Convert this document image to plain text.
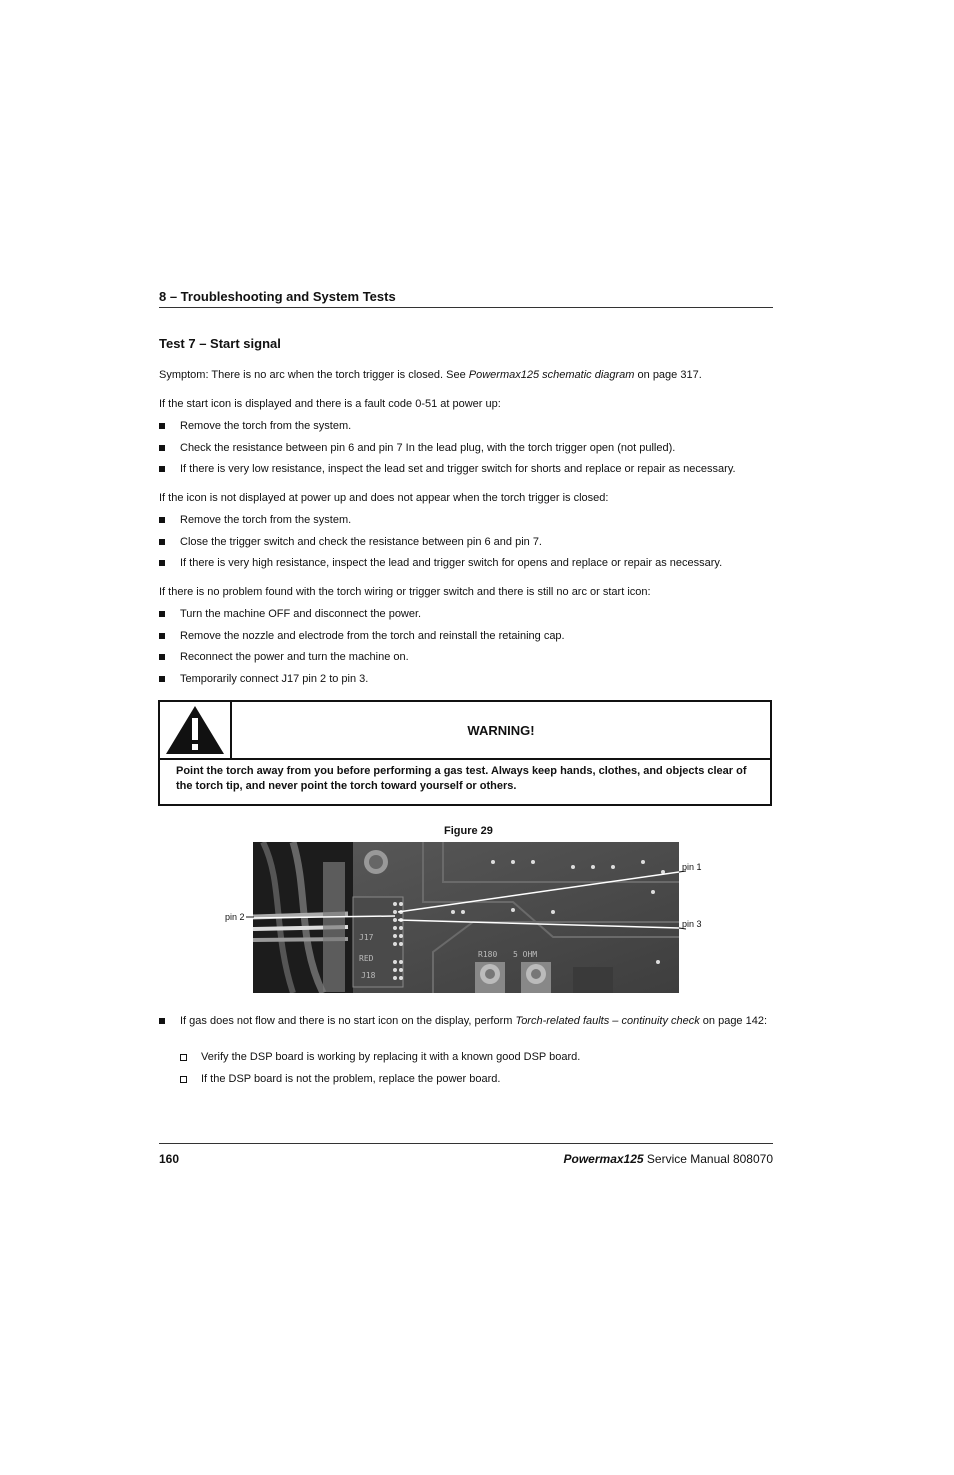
8 – Troubleshooting and System Tests
Test 7 – Start signal
Symptom: There is no arc when the torch trigger is closed. See Powermax125 schematic diagram on page 317.
If the start icon is displayed and there is a fault code 0-51 at power up:
Remove the torch from the system.
Check the resistance between pin 6 and pin 7 In the lead plug, with the torch trigger open (not pulled).
If there is very low resistance, inspect the lead set and trigger switch for shorts and replace or repair as necessary.
If the icon is not displayed at power up and does not appear when the torch trigger is closed:
Remove the torch from the system.
Close the trigger switch and check the resistance between pin 6 and pin 7.
If there is very high resistance, inspect the lead and trigger switch for opens and replace or repair as necessary.
If there is no problem found with the torch wiring or trigger switch and there is still no arc or start icon:
Turn the machine OFF and disconnect the power.
Remove the nozzle and electrode from the torch and reinstall the retaining cap.
Reconnect the power and turn the machine on.
Temporarily connect J17 pin 2 to pin 3.
WARNING!
Point the torch away from you before performing a gas test. Always keep hands, clothes, and objects clear of the torch tip, and never point the torch toward yourself or others.
Figure 29
J17
RED
J18
R180 5 OHM
pin 1
pin 2
pin 3
If gas does not flow and there is no start icon on the display, perform Torch-related faults – continuity check on page 142:
Verify the DSP board is working by replacing it with a known good DSP board.
If the DSP board is not the problem, replace the power board.
160	Powermax125 Service Manual 808070
